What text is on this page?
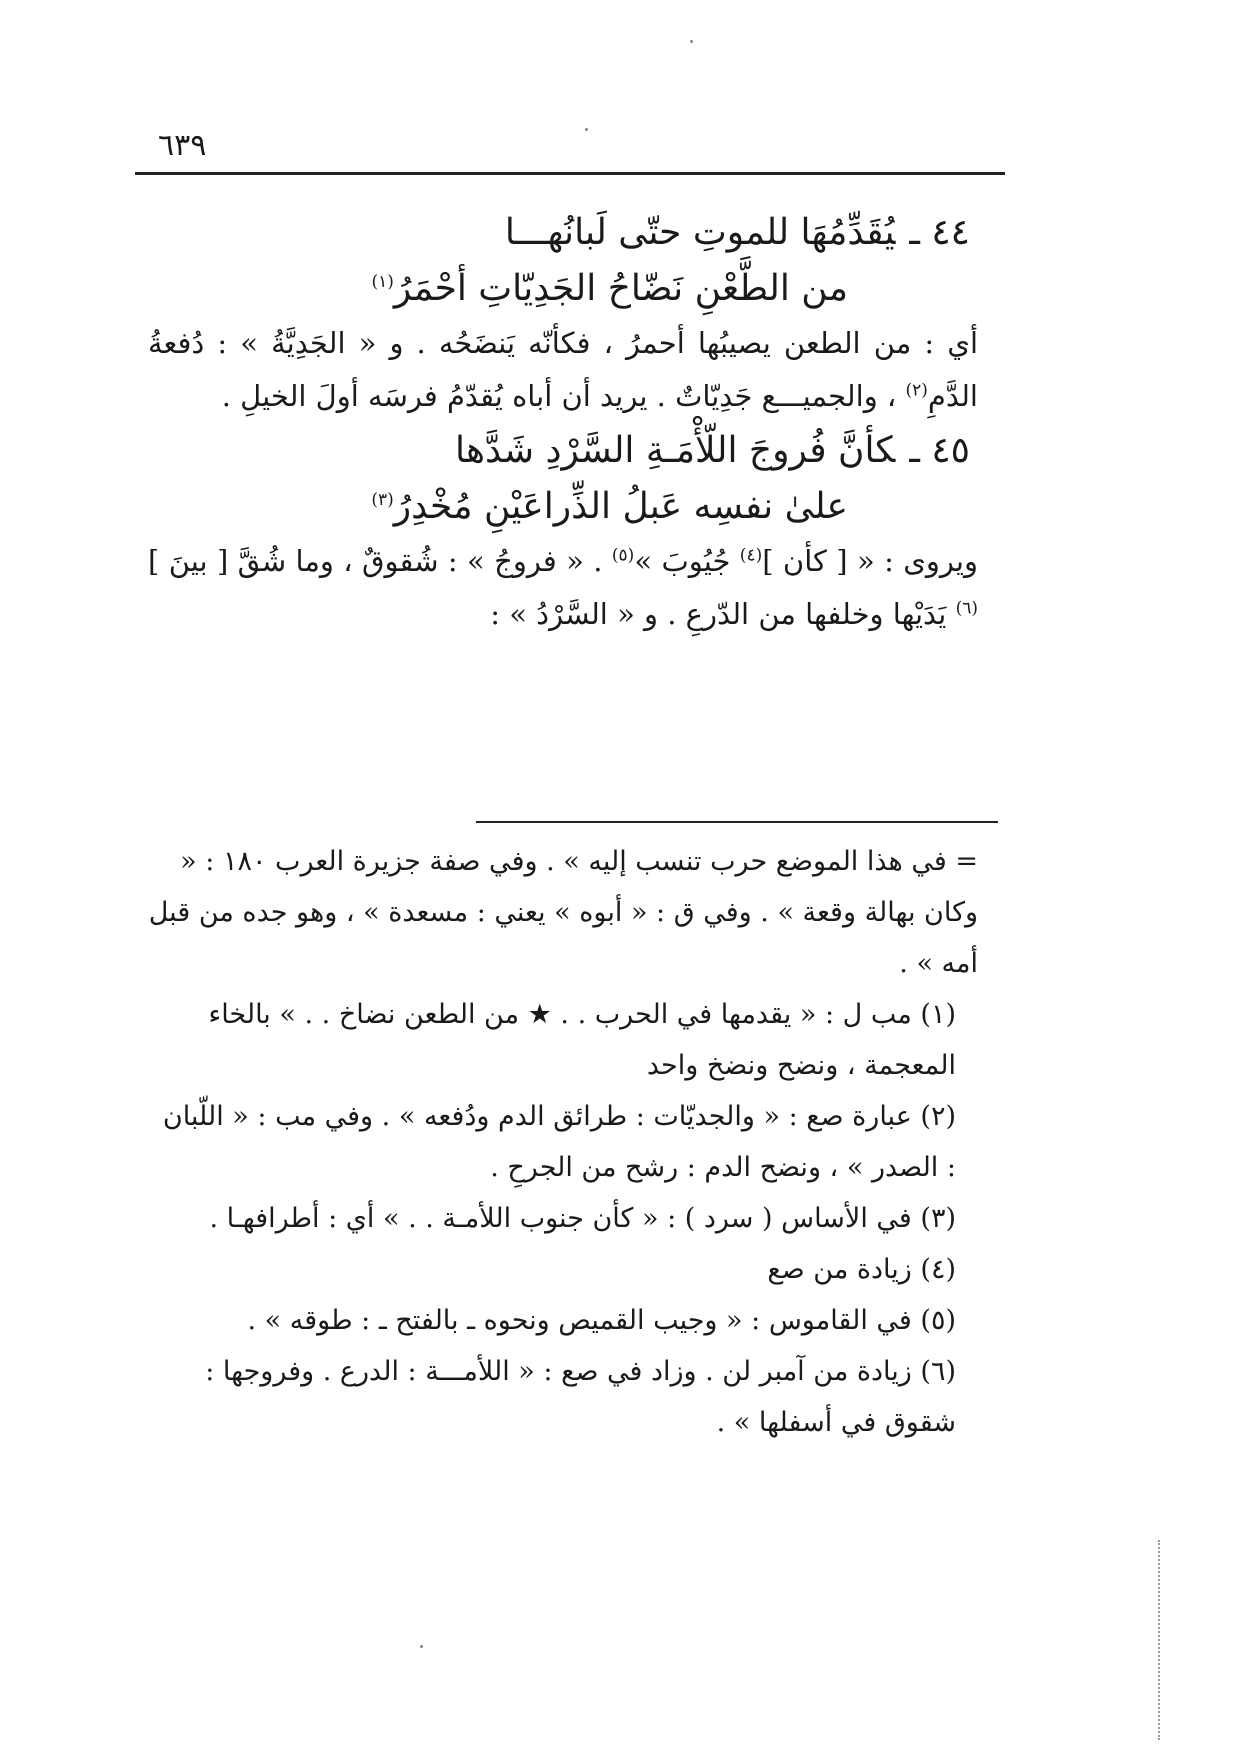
٦٣٩

٤٤ ـيُقَدِّمُهَا للموتِ حتّى لَبانُهـــا

من الطَّعْنِ نَضّاحُ الجَدِيّاتِ أحْمَرُ$^{(١)}$

أي : من الطعن يصيبُها أحمرُ ، فكأنّه يَنضَحُه . و « الجَدِيَّةُ » : دُفعةُ الدَّمِ$^{(٢)}$ ، والجميـــع جَدِيّاتٌ . يريد أن أباه يُقدّمُ فرسَه أولَ الخيلِ .

٤٥ ـكأنَّ فُروجَ اللّأْمَـةِ السَّرْدِ شَدَّها

علىٰ نفسِه عَبلُ الذِّراعَيْنِ مُخْدِرُ$^{(٣)}$

ويروى : « [ كأن ]$^{(٤)}$ جُيُوبَ »$^{(٥)}$ . « فروجُ » : شُقوقٌ ، وما شُقَّ [ بينَ ]$^{(٦)}$ يَدَيْها وخلفها من الدّرعِ . و « السَّرْدُ » :

= في هذا الموضع حرب تنسب إليه » . وفي صفة جزيرة العرب ١٨٠ : « وكان بهالة وقعة » . وفي ق : « أبوه » يعني : مسعدة » ، وهو جده من قبل أمه » .

(١) مب ل : « يقدمها في الحرب . . ★ من الطعن نضاخ . . » بالخاء المعجمة ، ونضح ونضخ واحد

(٢) عبارة صع : « والجديّات : طرائق الدم ودُفعه » . وفي مب : « اللّبان : الصدر » ، ونضح الدم : رشح من الجرحِ .

(٣) في الأساس ( سرد ) : « كأن جنوب اللأمـة . . » أي : أطرافهـا .

(٤) زيادة من صع

(٥) في القاموس : « وجيب القميص ونحوه ـ بالفتح ـ : طوقه » .

(٦) زيادة من آمبر لن . وزاد في صع : « اللأمـــة : الدرع . وفروجها : شقوق في أسفلها » .
